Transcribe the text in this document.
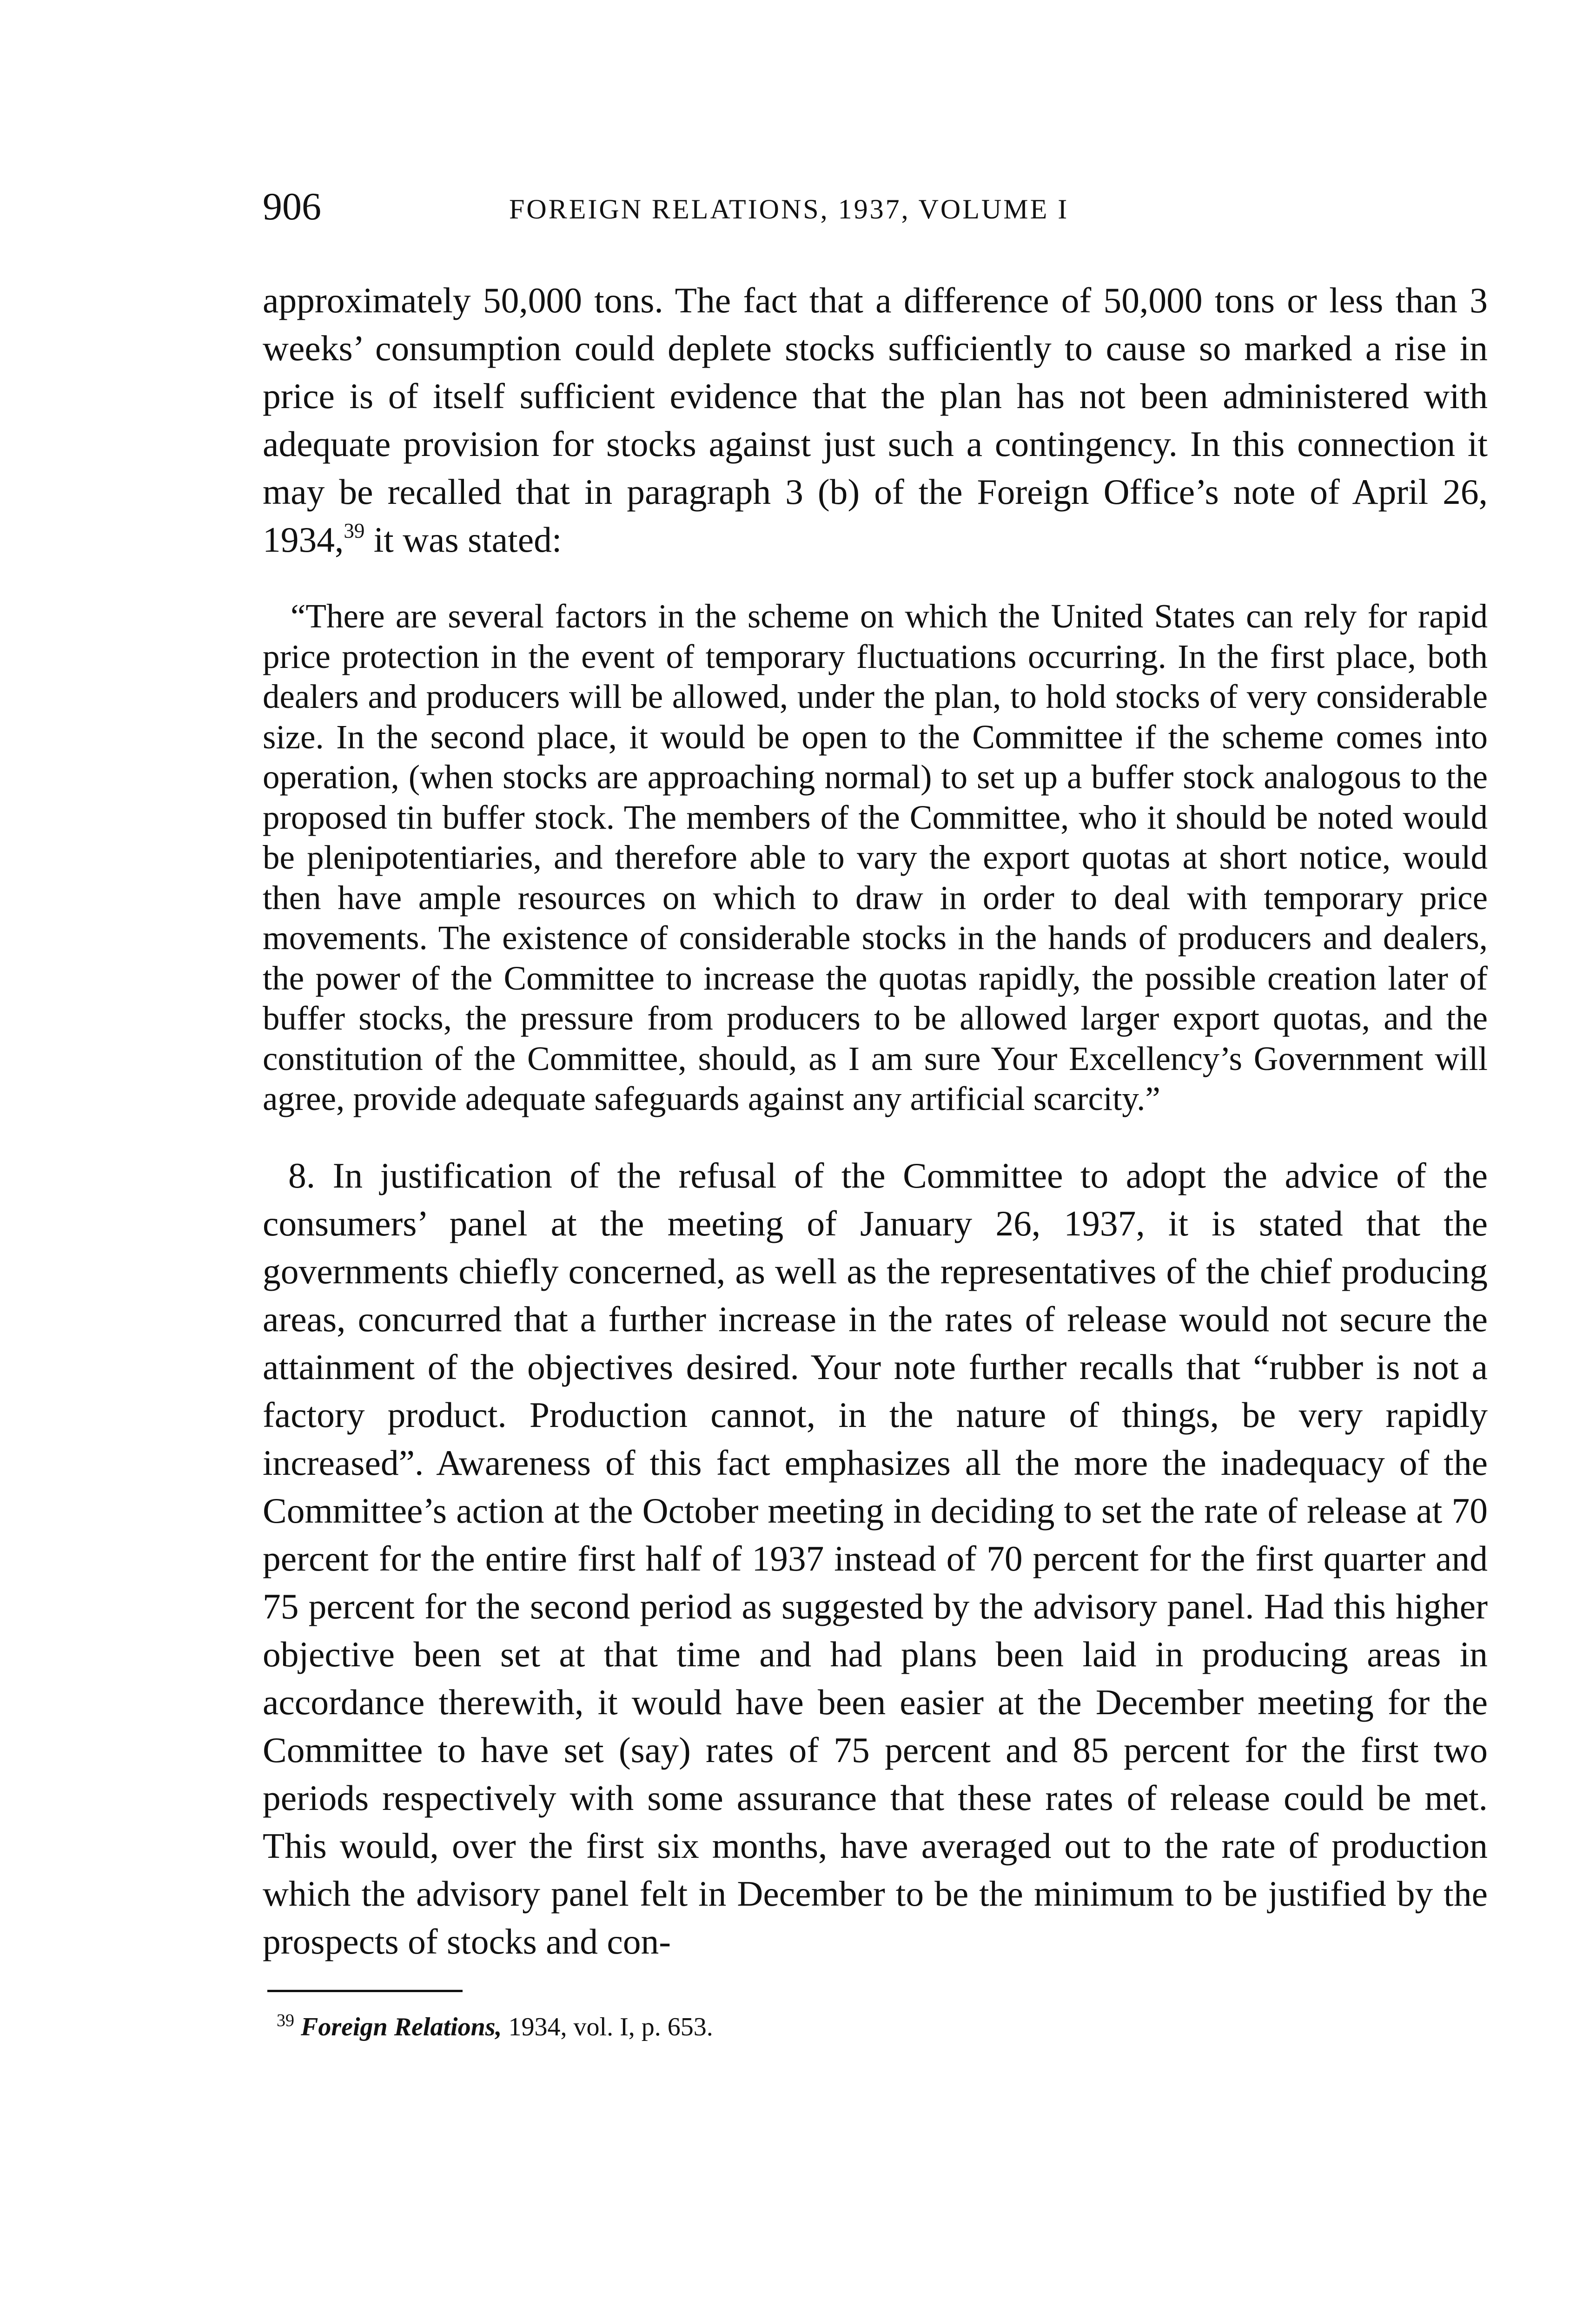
906	FOREIGN RELATIONS, 1937, VOLUME I

approximately 50,000 tons. The fact that a difference of 50,000 tons or less than 3 weeks’ consumption could deplete stocks sufficiently to cause so marked a rise in price is of itself sufficient evidence that the plan has not been administered with adequate provision for stocks against just such a contingency. In this connection it may be recalled that in paragraph 3 (b) of the Foreign Office’s note of April 26, 1934,39 it was stated:

“There are several factors in the scheme on which the United States can rely for rapid price protection in the event of temporary fluctuations occurring. In the first place, both dealers and producers will be allowed, under the plan, to hold stocks of very considerable size. In the second place, it would be open to the Committee if the scheme comes into operation, (when stocks are approaching normal) to set up a buffer stock analogous to the proposed tin buffer stock. The members of the Committee, who it should be noted would be plenipotentiaries, and therefore able to vary the export quotas at short notice, would then have ample resources on which to draw in order to deal with temporary price movements. The existence of considerable stocks in the hands of producers and dealers, the power of the Committee to increase the quotas rapidly, the possible creation later of buffer stocks, the pressure from producers to be allowed larger export quotas, and the constitution of the Committee, should, as I am sure Your Excellency’s Government will agree, provide adequate safeguards against any artificial scarcity.”

8. In justification of the refusal of the Committee to adopt the advice of the consumers’ panel at the meeting of January 26, 1937, it is stated that the governments chiefly concerned, as well as the representatives of the chief producing areas, concurred that a further increase in the rates of release would not secure the attainment of the objectives desired. Your note further recalls that “rubber is not a factory product. Production cannot, in the nature of things, be very rapidly increased”. Awareness of this fact emphasizes all the more the inadequacy of the Committee’s action at the October meeting in deciding to set the rate of release at 70 percent for the entire first half of 1937 instead of 70 percent for the first quarter and 75 percent for the second period as suggested by the advisory panel. Had this higher objective been set at that time and had plans been laid in producing areas in accordance therewith, it would have been easier at the December meeting for the Committee to have set (say) rates of 75 percent and 85 percent for the first two periods respectively with some assurance that these rates of release could be met. This would, over the first six months, have averaged out to the rate of production which the advisory panel felt in December to be the minimum to be justified by the prospects of stocks and con-

$^{39}$ Foreign Relations, 1934, vol. I, p. 653.
